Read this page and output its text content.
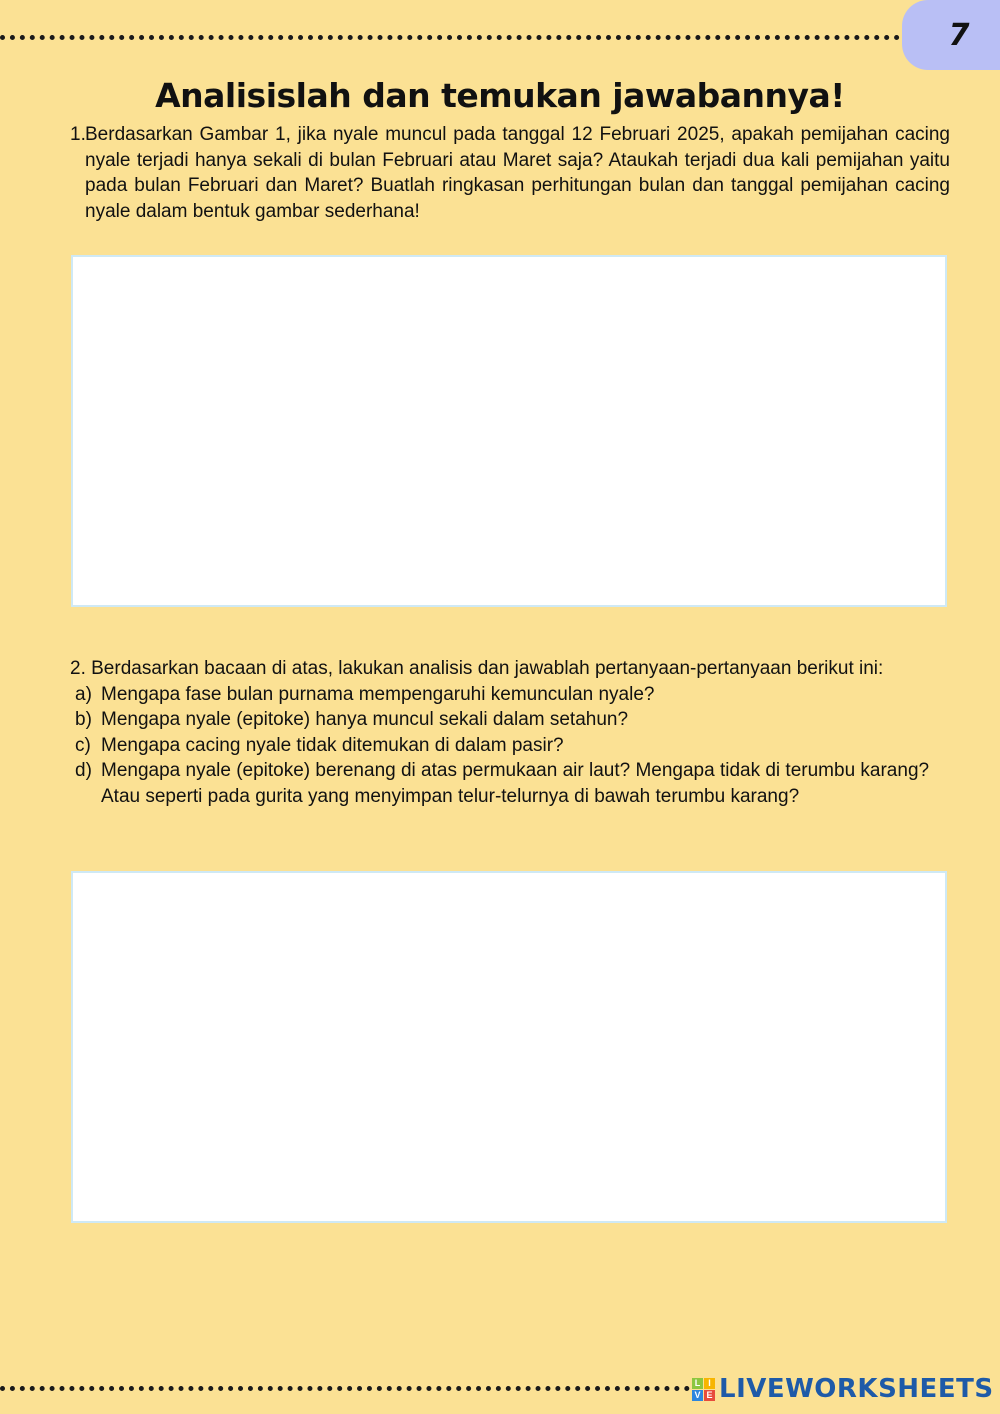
7
Analisislah dan temukan jawabannya!
1. Berdasarkan Gambar 1, jika nyale muncul pada tanggal 12 Februari 2025, apakah pemijahan cacing nyale terjadi hanya sekali di bulan Februari atau Maret saja? Ataukah terjadi dua kali pemijahan yaitu pada bulan Februari dan Maret? Buatlah ringkasan perhitungan bulan dan tanggal pemijahan cacing nyale dalam bentuk gambar sederhana!
2. Berdasarkan bacaan di atas, lakukan analisis dan jawablah pertanyaan-pertanyaan berikut ini:
a) Mengapa fase bulan purnama mempengaruhi kemunculan nyale?
b) Mengapa nyale (epitoke) hanya muncul sekali dalam setahun?
c) Mengapa cacing nyale tidak ditemukan di dalam pasir?
d) Mengapa nyale (epitoke) berenang di atas permukaan air laut? Mengapa tidak di terumbu karang? Atau seperti pada gurita yang menyimpan telur-telurnya di bawah terumbu karang?
L I
V E LIVEWORKSHEETS
